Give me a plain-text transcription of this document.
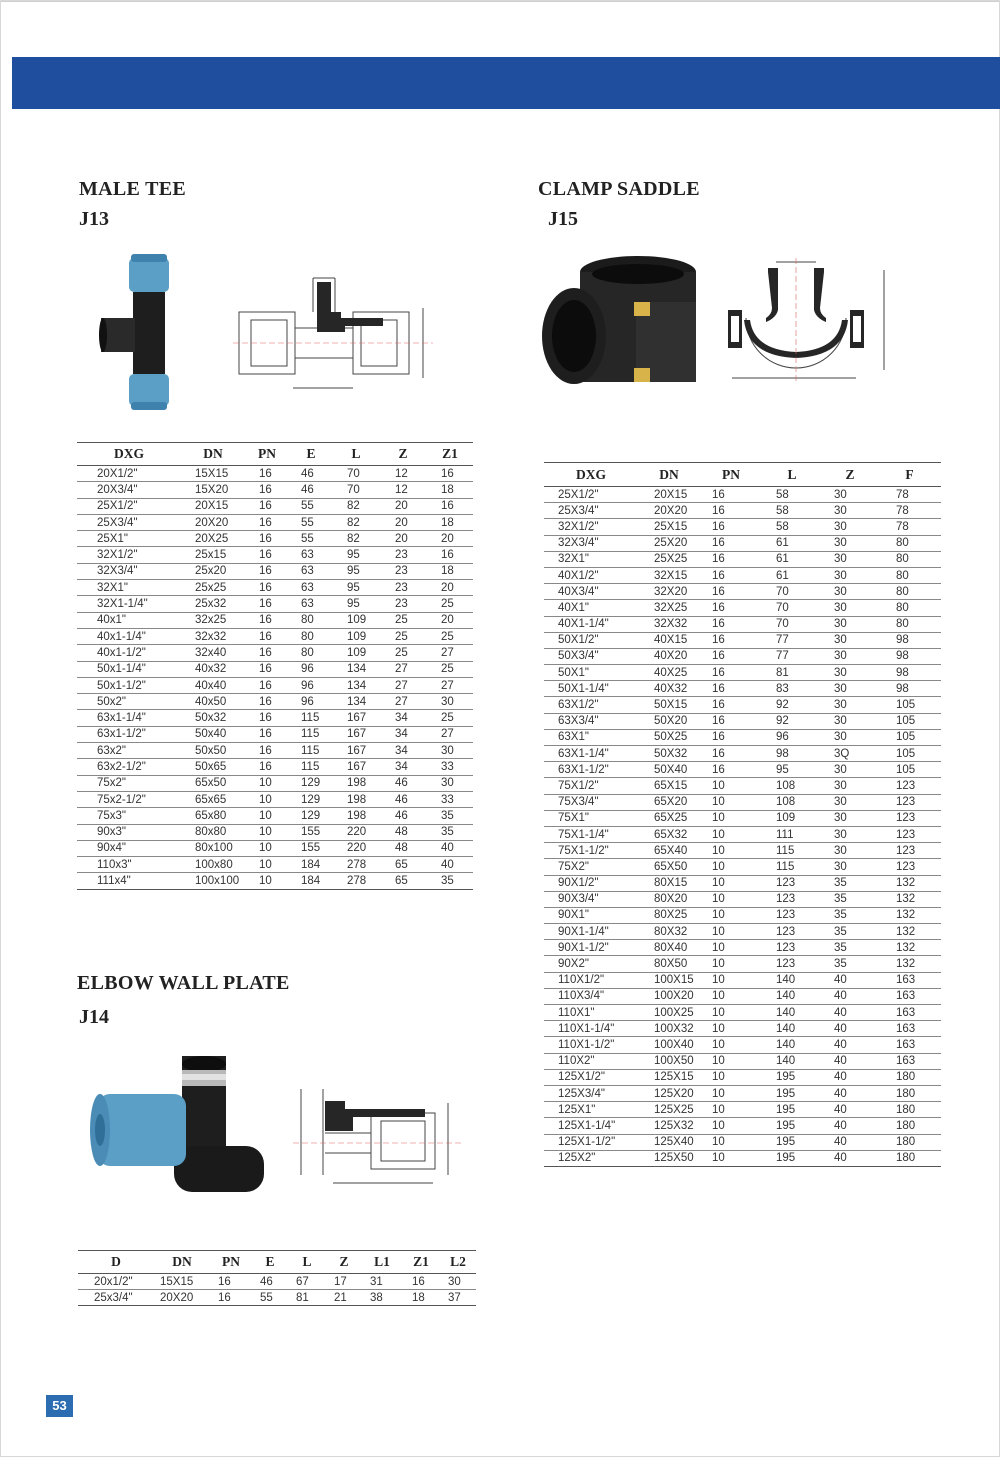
MALE TEE
J13
DXG	DN	PN	E	L	Z	Z1
20X1/2"	15X15	16	46	70	12	16
20X3/4"	15X20	16	46	70	12	18
25X1/2"	20X15	16	55	82	20	16
25X3/4"	20X20	16	55	82	20	18
25X1"	20X25	16	55	82	20	20
32X1/2"	25x15	16	63	95	23	16
32X3/4"	25x20	16	63	95	23	18
32X1"	25x25	16	63	95	23	20
32X1-1/4"	25x32	16	63	95	23	25
40x1"	32x25	16	80	109	25	20
40x1-1/4"	32x32	16	80	109	25	25
40x1-1/2"	32x40	16	80	109	25	27
50x1-1/4"	40x32	16	96	134	27	25
50x1-1/2"	40x40	16	96	134	27	27
50x2"	40x50	16	96	134	27	30
63x1-1/4"	50x32	16	115	167	34	25
63x1-1/2"	50x40	16	115	167	34	27
63x2"	50x50	16	115	167	34	30
63x2-1/2"	50x65	16	115	167	34	33
75x2"	65x50	10	129	198	46	30
75x2-1/2"	65x65	10	129	198	46	33
75x3"	65x80	10	129	198	46	35
90x3"	80x80	10	155	220	48	35
90x4"	80x100	10	155	220	48	40
110x3"	100x80	10	184	278	65	40
111x4"	100x100	10	184	278	65	35
ELBOW WALL PLATE
J14
D	DN	PN	E	L	Z	L1	Z1	L2
20x1/2"	15X15	16	46	67	17	31	16	30
25x3/4"	20X20	16	55	81	21	38	18	37
CLAMP SADDLE
J15
DXG	DN	PN	L	Z	F
25X1/2"	20X15	16	58	30	78
25X3/4"	20X20	16	58	30	78
32X1/2"	25X15	16	58	30	78
32X3/4"	25X20	16	61	30	80
32X1"	25X25	16	61	30	80
40X1/2"	32X15	16	61	30	80
40X3/4"	32X20	16	70	30	80
40X1"	32X25	16	70	30	80
40X1-1/4"	32X32	16	70	30	80
50X1/2"	40X15	16	77	30	98
50X3/4"	40X20	16	77	30	98
50X1"	40X25	16	81	30	98
50X1-1/4"	40X32	16	83	30	98
63X1/2"	50X15	16	92	30	105
63X3/4"	50X20	16	92	30	105
63X1"	50X25	16	96	30	105
63X1-1/4"	50X32	16	98	3Q	105
63X1-1/2"	50X40	16	95	30	105
75X1/2"	65X15	10	108	30	123
75X3/4"	65X20	10	108	30	123
75X1"	65X25	10	109	30	123
75X1-1/4"	65X32	10	111	30	123
75X1-1/2"	65X40	10	115	30	123
75X2"	65X50	10	115	30	123
90X1/2"	80X15	10	123	35	132
90X3/4"	80X20	10	123	35	132
90X1"	80X25	10	123	35	132
90X1-1/4"	80X32	10	123	35	132
90X1-1/2"	80X40	10	123	35	132
90X2"	80X50	10	123	35	132
110X1/2"	100X15	10	140	40	163
110X3/4"	100X20	10	140	40	163
110X1"	100X25	10	140	40	163
110X1-1/4"	100X32	10	140	40	163
110X1-1/2"	100X40	10	140	40	163
110X2"	100X50	10	140	40	163
125X1/2"	125X15	10	195	40	180
125X3/4"	125X20	10	195	40	180
125X1"	125X25	10	195	40	180
125X1-1/4"	125X32	10	195	40	180
125X1-1/2"	125X40	10	195	40	180
125X2"	125X50	10	195	40	180
53
